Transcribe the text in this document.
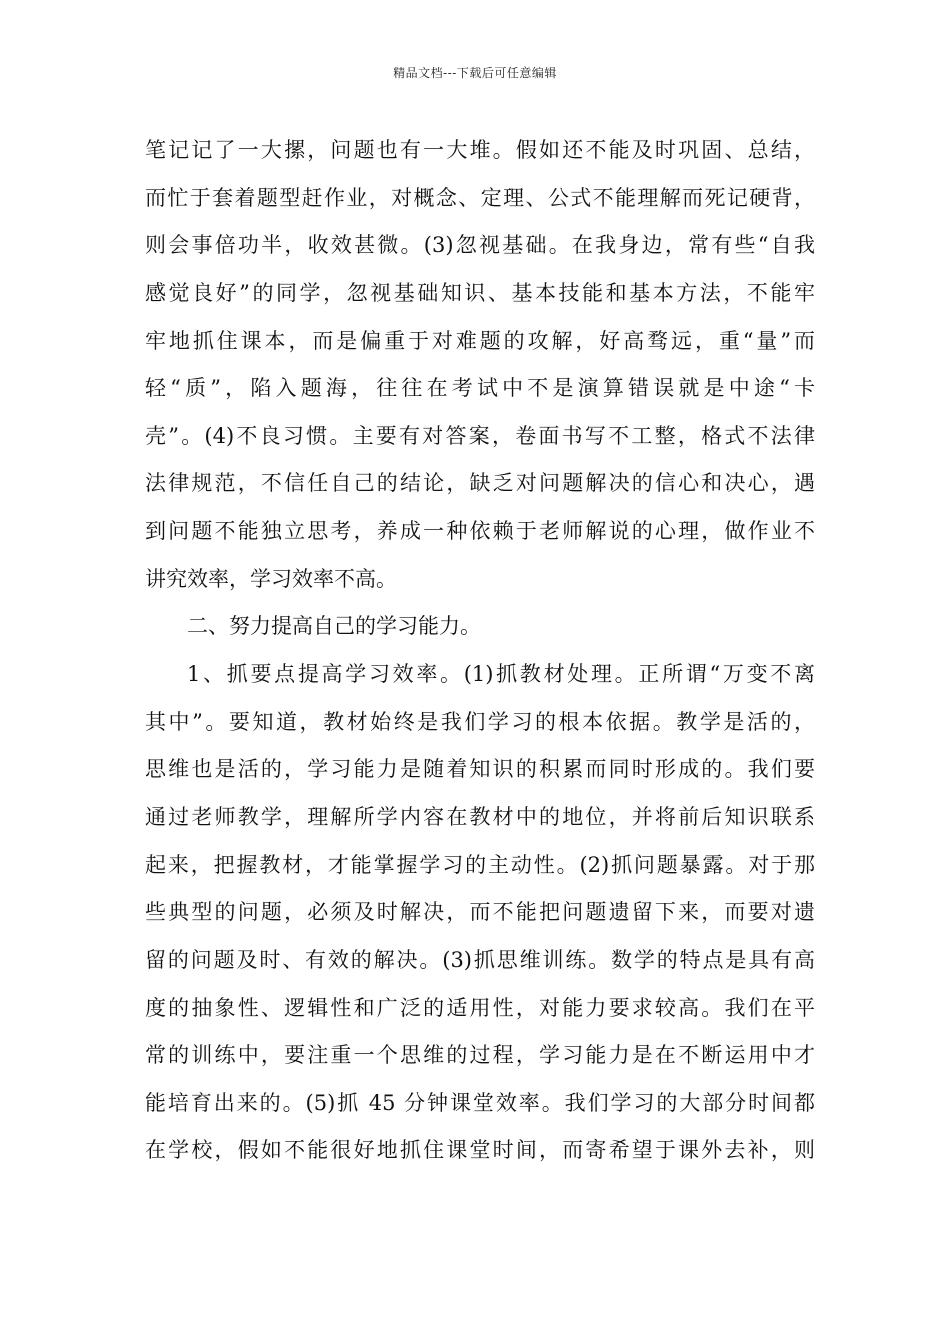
精品文档---下载后可任意编辑
笔记记了一大摞，问题也有一大堆。假如还不能及时巩固、总结，
而忙于套着题型赶作业，对概念、定理、公式不能理解而死记硬背，
则会事倍功半，收效甚微。(3)忽视基础。在我身边，常有些“自我
感觉良好”的同学，忽视基础知识、基本技能和基本方法，不能牢
牢地抓住课本，而是偏重于对难题的攻解，好高骛远，重“量”而
轻“质”，陷入题海，往往在考试中不是演算错误就是中途“卡
壳”。(4)不良习惯。主要有对答案，卷面书写不工整，格式不法律
法律规范，不信任自己的结论，缺乏对问题解决的信心和决心，遇
到问题不能独立思考，养成一种依赖于老师解说的心理，做作业不
讲究效率，学习效率不高。
二、努力提高自己的学习能力。
1、抓要点提高学习效率。(1)抓教材处理。正所谓“万变不离
其中”。要知道，教材始终是我们学习的根本依据。教学是活的，
思维也是活的，学习能力是随着知识的积累而同时形成的。我们要
通过老师教学，理解所学内容在教材中的地位，并将前后知识联系
起来，把握教材，才能掌握学习的主动性。(2)抓问题暴露。对于那
些典型的问题，必须及时解决，而不能把问题遗留下来，而要对遗
留的问题及时、有效的解决。(3)抓思维训练。数学的特点是具有高
度的抽象性、逻辑性和广泛的适用性，对能力要求较高。我们在平
常的训练中，要注重一个思维的过程，学习能力是在不断运用中才
能培育出来的。(5)抓 45 分钟课堂效率。我们学习的大部分时间都
在学校，假如不能很好地抓住课堂时间，而寄希望于课外去补，则
